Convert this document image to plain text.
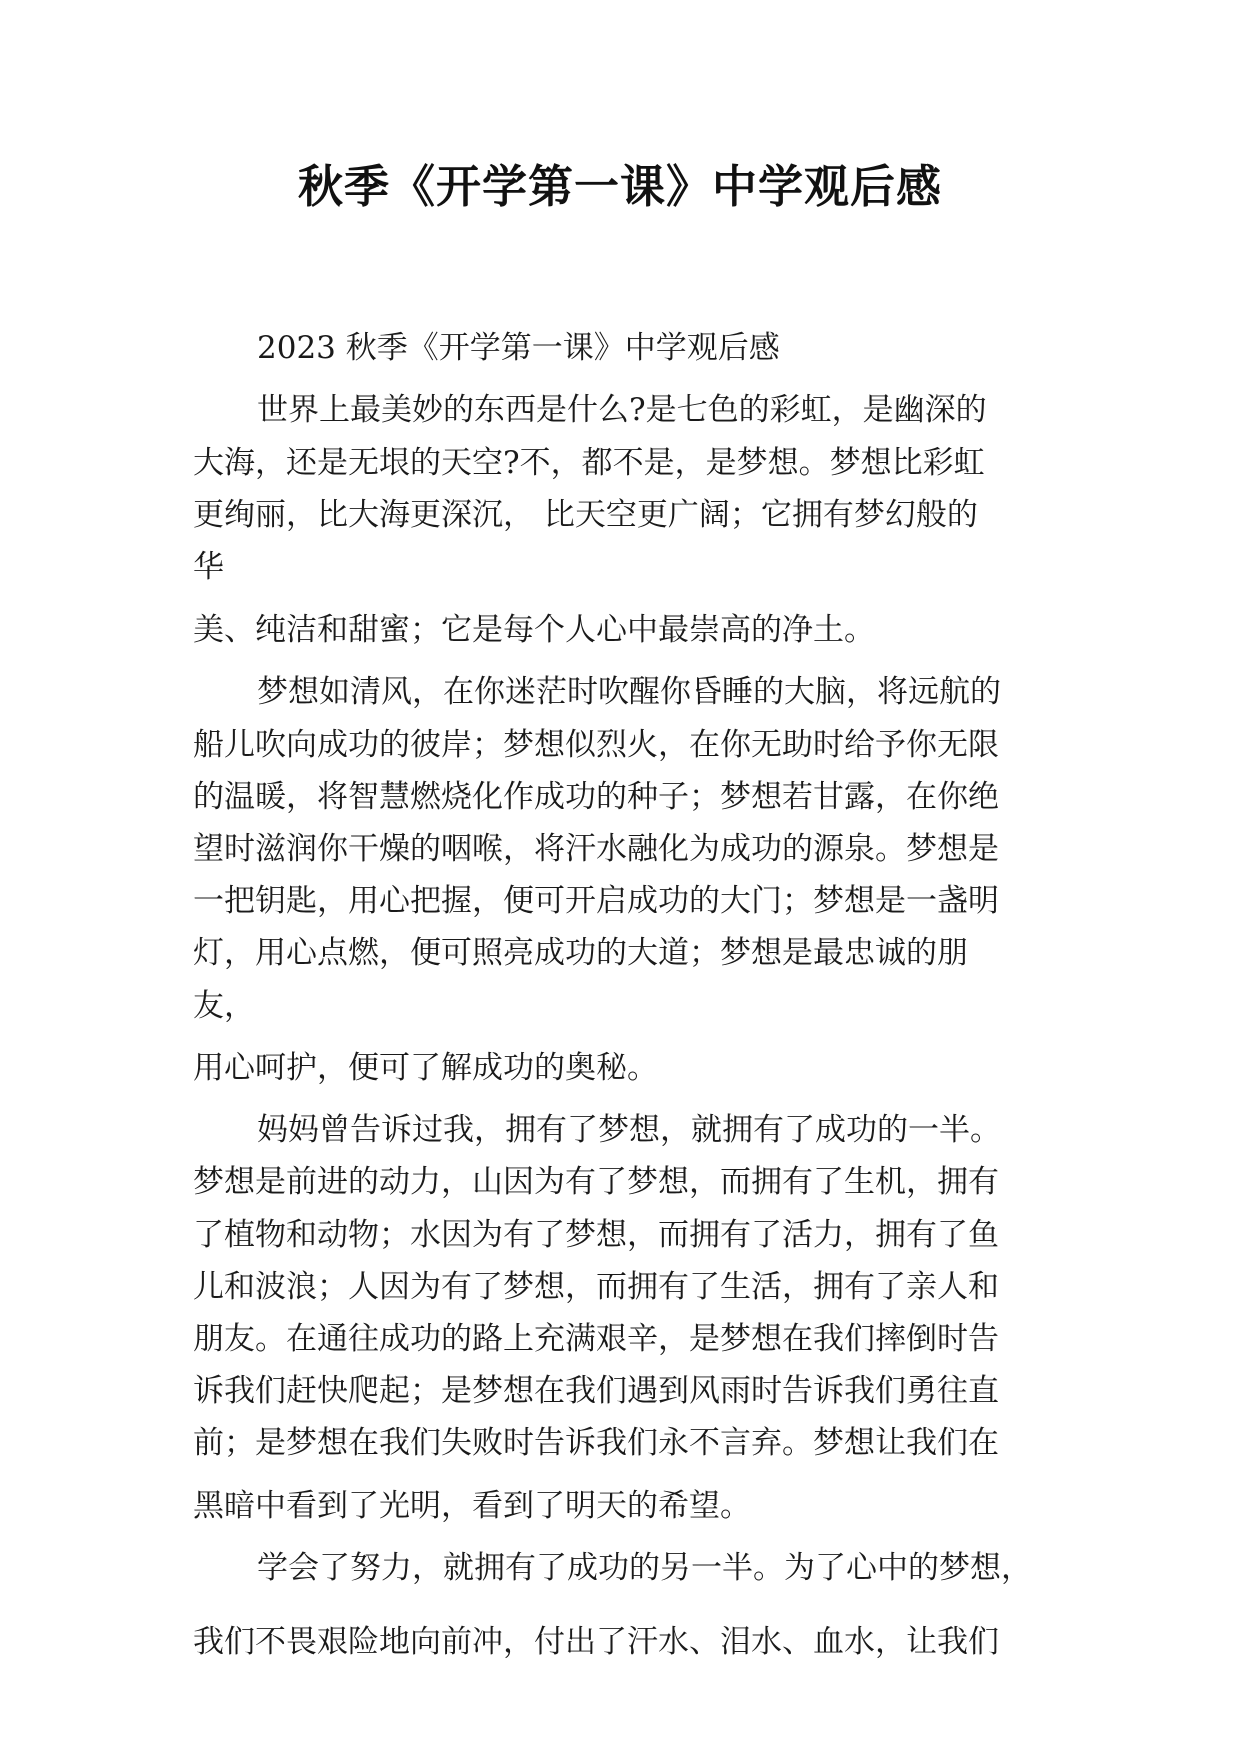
秋季《开学第一课》中学观后感
2023 秋季《开学第一课》中学观后感
世界上最美妙的东西是什么?是七色的彩虹，是幽深的
大海，还是无垠的天空?不，都不是，是梦想。梦想比彩虹
更绚丽，比大海更深沉， 比天空更广阔；它拥有梦幻般的
华
美、纯洁和甜蜜；它是每个人心中最崇高的净土。
梦想如清风，在你迷茫时吹醒你昏睡的大脑，将远航的
船儿吹向成功的彼岸；梦想似烈火，在你无助时给予你无限
的温暖，将智慧燃烧化作成功的种子；梦想若甘露，在你绝
望时滋润你干燥的咽喉，将汗水融化为成功的源泉。梦想是
一把钥匙，用心把握，便可开启成功的大门；梦想是一盏明
灯，用心点燃，便可照亮成功的大道；梦想是最忠诚的朋
友，
用心呵护，便可了解成功的奥秘。
妈妈曾告诉过我，拥有了梦想，就拥有了成功的一半。
梦想是前进的动力，山因为有了梦想，而拥有了生机，拥有
了植物和动物；水因为有了梦想，而拥有了活力，拥有了鱼
儿和波浪；人因为有了梦想，而拥有了生活，拥有了亲人和
朋友。在通往成功的路上充满艰辛，是梦想在我们摔倒时告
诉我们赶快爬起；是梦想在我们遇到风雨时告诉我们勇往直
前；是梦想在我们失败时告诉我们永不言弃。梦想让我们在
黑暗中看到了光明，看到了明天的希望。
学会了努力，就拥有了成功的另一半。为了心中的梦想，
我们不畏艰险地向前冲，付出了汗水、泪水、血水，让我们
